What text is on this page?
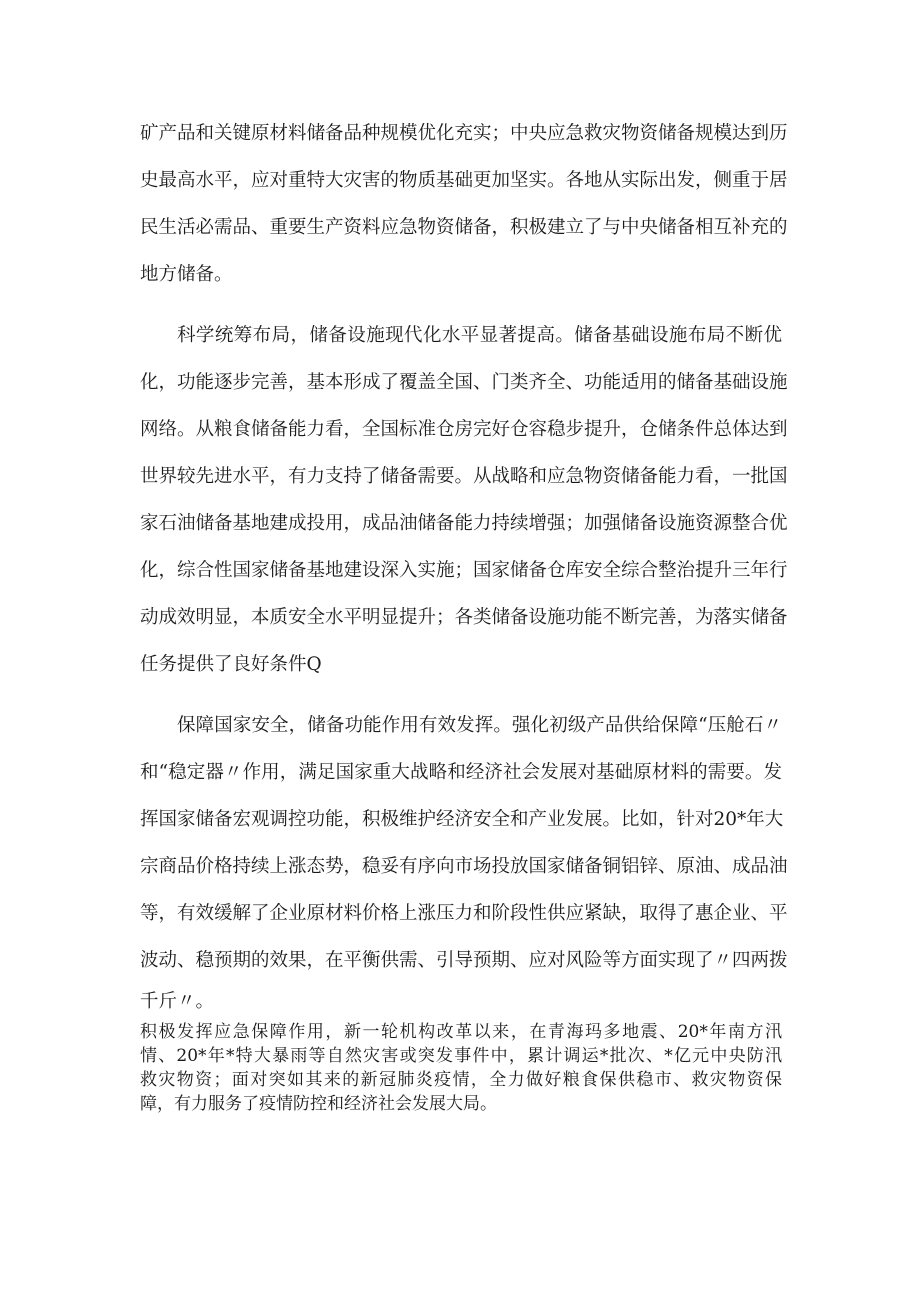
矿产品和关键原材料储备品种规模优化充实；中央应急救灾物资储备规模达到历
史最高水平，应对重特大灾害的物质基础更加坚实。各地从实际出发，侧重于居
民生活必需品、重要生产资料应急物资储备，积极建立了与中央储备相互补充的
地方储备。
科学统筹布局，储备设施现代化水平显著提高。储备基础设施布局不断优
化，功能逐步完善，基本形成了覆盖全国、门类齐全、功能适用的储备基础设施
网络。从粮食储备能力看，全国标准仓房完好仓容稳步提升，仓储条件总体达到
世界较先进水平，有力支持了储备需要。从战略和应急物资储备能力看，一批国
家石油储备基地建成投用，成品油储备能力持续增强；加强储备设施资源整合优
化，综合性国家储备基地建设深入实施；国家储备仓库安全综合整治提升三年行
动成效明显，本质安全水平明显提升；各类储备设施功能不断完善，为落实储备
任务提供了良好条件Q
保障国家安全，储备功能作用有效发挥。强化初级产品供给保障“压舱石〃
和“稳定器〃作用，满足国家重大战略和经济社会发展对基础原材料的需要。发
挥国家储备宏观调控功能，积极维护经济安全和产业发展。比如，针对20*年大
宗商品价格持续上涨态势，稳妥有序向市场投放国家储备铜铝锌、原油、成品油
等，有效缓解了企业原材料价格上涨压力和阶段性供应紧缺，取得了惠企业、平
波动、稳预期的效果，在平衡供需、引导预期、应对风险等方面实现了〃四两拨
千斤〃。
积极发挥应急保障作用，新一轮机构改革以来，在青海玛多地震、20*年南方汛
情、20*年*特大暴雨等自然灾害或突发事件中，累计调运*批次、*亿元中央防汛
救灾物资；面对突如其来的新冠肺炎疫情，全力做好粮食保供稳市、救灾物资保
障，有力服务了疫情防控和经济社会发展大局。
